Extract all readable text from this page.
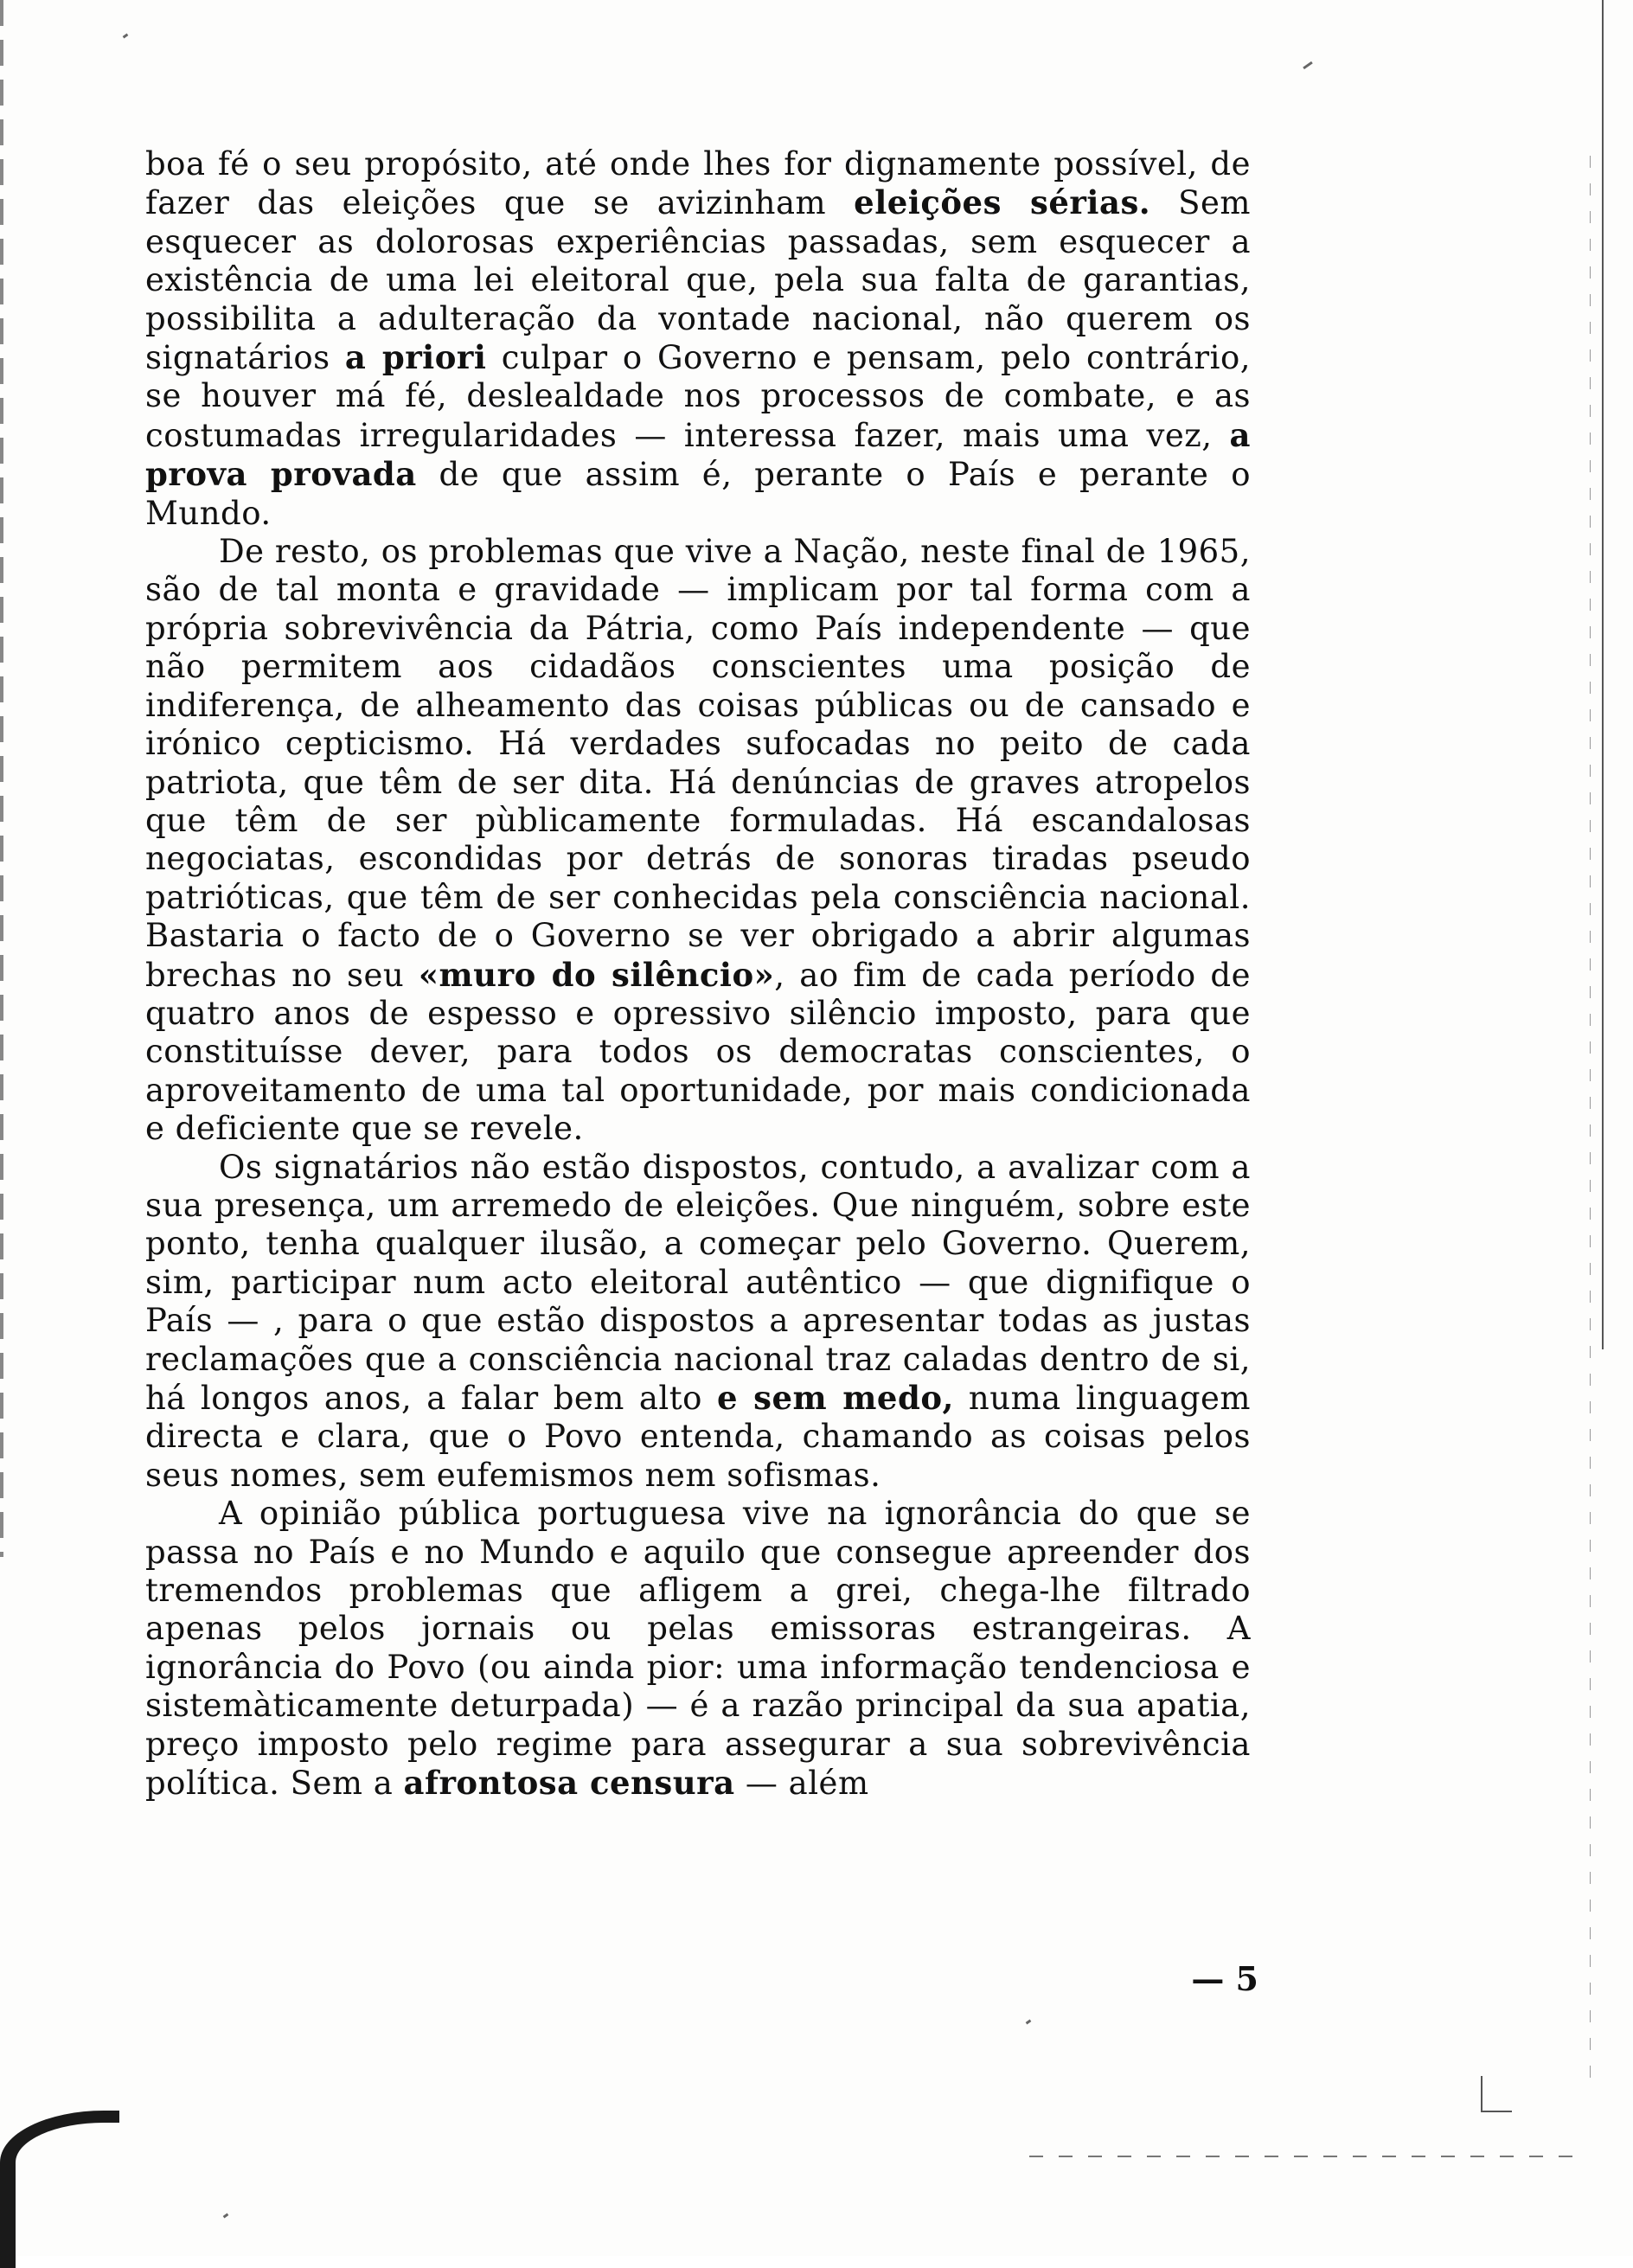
boa fé o seu propósito, até onde lhes for dignamente possível, de fazer das eleições que se avizinham eleições sérias. Sem esquecer as dolorosas experiências passadas, sem esquecer a existência de uma lei eleitoral que, pela sua falta de garantias, possibilita a adulteração da vontade nacional, não querem os signatários a priori culpar o Governo e pensam, pelo contrário, se houver má fé, deslealdade nos processos de combate, e as costumadas irregularidades — interessa fazer, mais uma vez, a prova provada de que assim é, perante o País e perante o Mundo.

De resto, os problemas que vive a Nação, neste final de 1965, são de tal monta e gravidade — implicam por tal forma com a própria sobrevivência da Pátria, como País independente — que não permitem aos cidadãos conscientes uma posição de indiferença, de alheamento das coisas públicas ou de cansado e irónico cepticismo. Há verdades sufocadas no peito de cada patriota, que têm de ser dita. Há denúncias de graves atropelos que têm de ser pùblicamente formuladas. Há escandalosas negociatas, escondidas por detrás de sonoras tiradas pseudo patrióticas, que têm de ser conhecidas pela consciência nacional. Bastaria o facto de o Governo se ver obrigado a abrir algumas brechas no seu «muro do silêncio», ao fim de cada período de quatro anos de espesso e opressivo silêncio imposto, para que constituísse dever, para todos os democratas conscientes, o aproveitamento de uma tal oportunidade, por mais condicionada e deficiente que se revele.

Os signatários não estão dispostos, contudo, a avalizar com a sua presença, um arremedo de eleições. Que ninguém, sobre este ponto, tenha qualquer ilusão, a começar pelo Governo. Querem, sim, participar num acto eleitoral autêntico — que dignifique o País — , para o que estão dispostos a apresentar todas as justas reclamações que a consciência nacional traz caladas dentro de si, há longos anos, a falar bem alto e sem medo, numa linguagem directa e clara, que o Povo entenda, chamando as coisas pelos seus nomes, sem eufemismos nem sofismas.

A opinião pública portuguesa vive na ignorância do que se passa no País e no Mundo e aquilo que consegue apreender dos tremendos problemas que afligem a grei, chega-lhe filtrado apenas pelos jornais ou pelas emissoras estrangeiras. A ignorância do Povo (ou ainda pior: uma informação tendenciosa e sistemàticamente deturpada) — é a razão principal da sua apatia, preço imposto pelo regime para assegurar a sua sobrevivência política. Sem a afrontosa censura — além

— 5
